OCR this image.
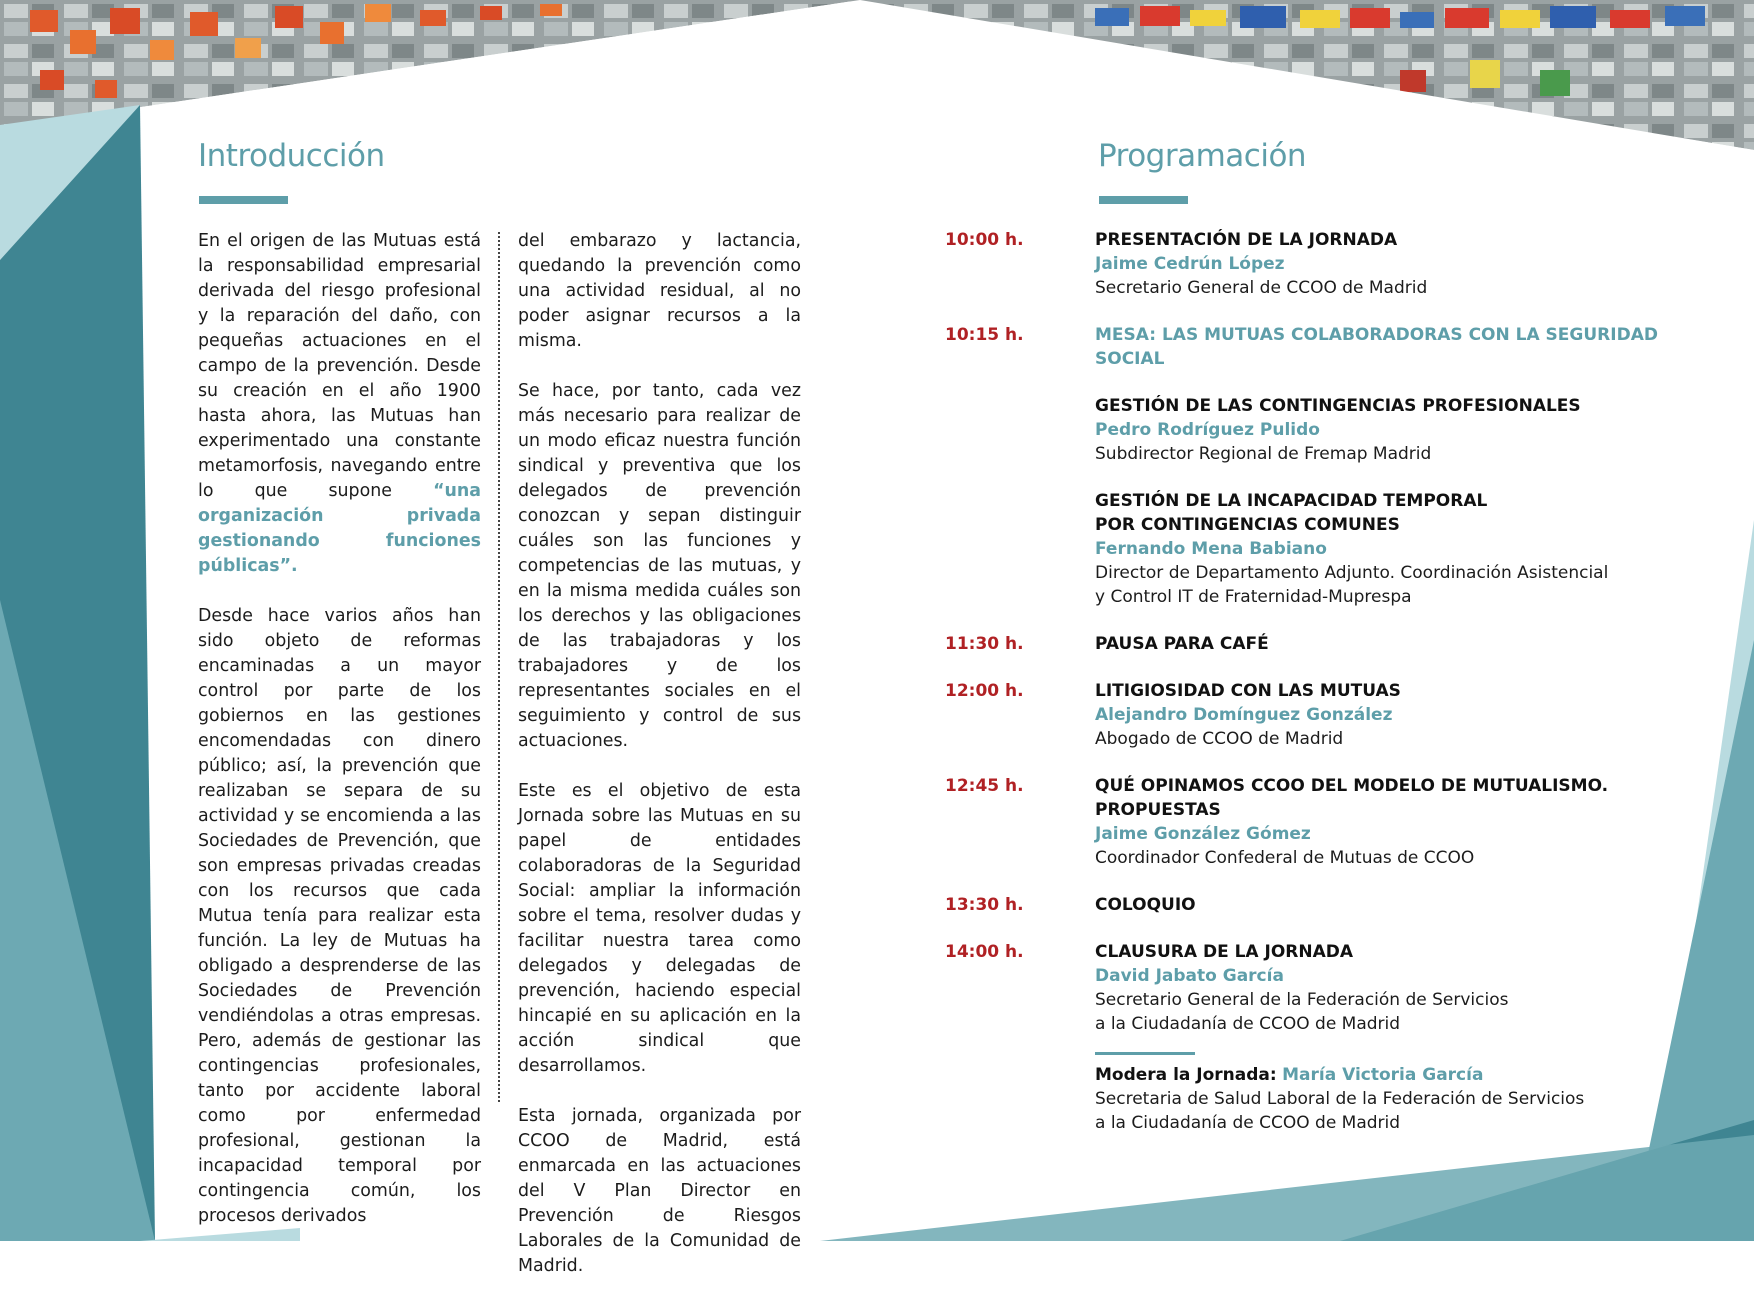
Introducción

En el origen de las Mutuas está la responsabilidad empresarial derivada del riesgo profesional y la reparación del daño, con pequeñas actuaciones en el campo de la prevención. Desde su creación en el año 1900 hasta ahora, las Mutuas han experimentado una constante metamorfosis, navegando entre lo que supone “una organización privada gestionando funciones públicas”.

Desde hace varios años han sido objeto de reformas encaminadas a un mayor control por parte de los gobiernos en las gestiones encomendadas con dinero público; así, la prevención que realizaban se separa de su actividad y se encomienda a las Sociedades de Prevención, que son empresas privadas creadas con los recursos que cada Mutua tenía para realizar esta función. La ley de Mutuas ha obligado a desprenderse de las Sociedades de Prevención vendiéndolas a otras empresas. Pero, además de gestionar las contingencias profesionales, tanto por accidente laboral como por enfermedad profesional, gestionan la incapacidad temporal por contingencia común, los procesos derivados

del embarazo y lactancia, quedando la prevención como una actividad residual, al no poder asignar recursos a la misma.

Se hace, por tanto, cada vez más necesario para realizar de un modo eficaz nuestra función sindical y preventiva que los delegados de prevención conozcan y sepan distinguir cuáles son las funciones y competencias de las mutuas, y en la misma medida cuáles son los derechos y las obligaciones de las trabajadoras y los trabajadores y de los representantes sociales en el seguimiento y control de sus actuaciones.

Este es el objetivo de esta Jornada sobre las Mutuas en su papel de entidades colaboradoras de la Seguridad Social: ampliar la información sobre el tema, resolver dudas y facilitar nuestra tarea como delegados y delegadas de prevención, haciendo especial hincapié en su aplicación en la acción sindical que desarrollamos.

Esta jornada, organizada por CCOO de Madrid, está enmarcada en las actuaciones del V Plan Director en Prevención de Riesgos Laborales de la Comunidad de Madrid.

Programación
10:00 h.	PRESENTACIÓN DE LA JORNADA
Jaime Cedrún López
Secretario General de CCOO de Madrid
10:15 h.	MESA: LAS MUTUAS COLABORADORAS CON LA SEGURIDAD SOCIAL
GESTIÓN DE LAS CONTINGENCIAS PROFESIONALES
Pedro Rodríguez Pulido
Subdirector Regional de Fremap Madrid
GESTIÓN DE LA INCAPACIDAD TEMPORAL
POR CONTINGENCIAS COMUNES
Fernando Mena Babiano
Director de Departamento Adjunto. Coordinación Asistencial
y Control IT de Fraternidad-Muprespa
11:30 h.	PAUSA PARA CAFÉ
12:00 h.	LITIGIOSIDAD CON LAS MUTUAS
Alejandro Domínguez González
Abogado de CCOO de Madrid
12:45 h.	QUÉ OPINAMOS CCOO DEL MODELO DE MUTUALISMO. PROPUESTAS
Jaime González Gómez
Coordinador Confederal de Mutuas de CCOO
13:30 h.	COLOQUIO
14:00 h.	CLAUSURA DE LA JORNADA
David Jabato García
Secretario General de la Federación de Servicios
a la Ciudadanía de CCOO de Madrid
Modera la Jornada: María Victoria García
Secretaria de Salud Laboral de la Federación de Servicios
a la Ciudadanía de CCOO de Madrid
